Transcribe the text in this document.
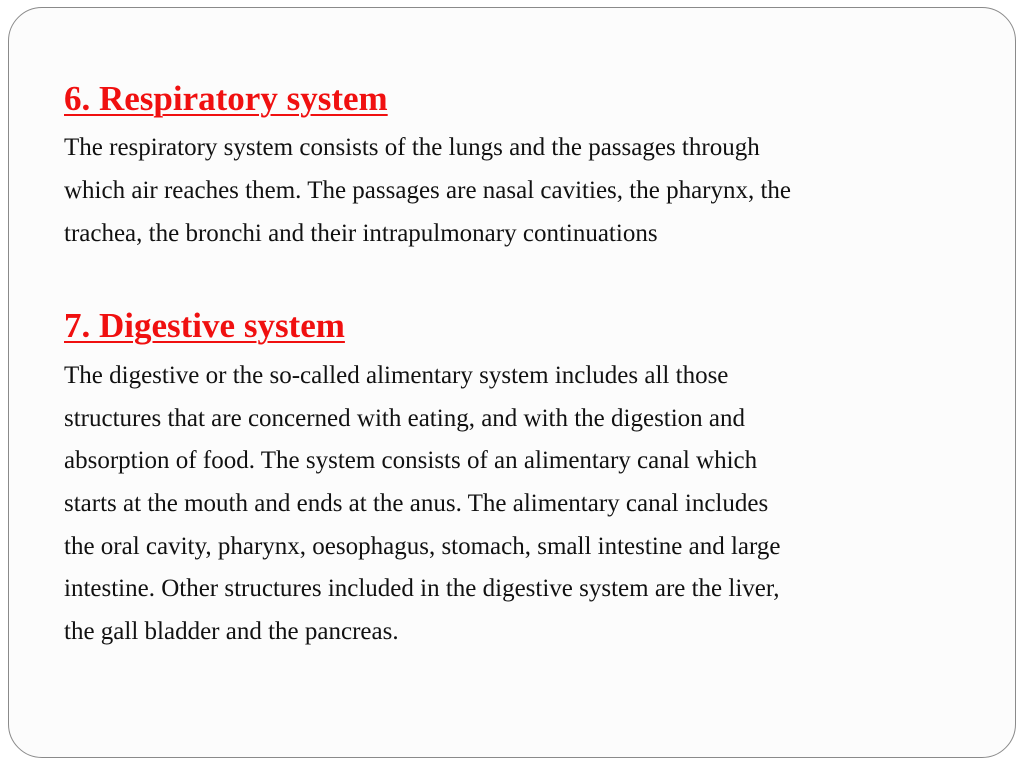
6. Respiratory system

The respiratory system consists of the lungs and the passages through

which air reaches them. The passages are nasal cavities, the pharynx, the

trachea, the bronchi and their intrapulmonary continuations

7. Digestive system

The digestive or the so-called alimentary system includes all those

structures that are concerned with eating, and with the digestion and

absorption of food. The system consists of an alimentary canal which

starts at the mouth and ends at the anus. The alimentary canal includes

the oral cavity, pharynx, oesophagus, stomach, small intestine and large

intestine. Other structures included in the digestive system are the liver,

the gall bladder and the pancreas.
